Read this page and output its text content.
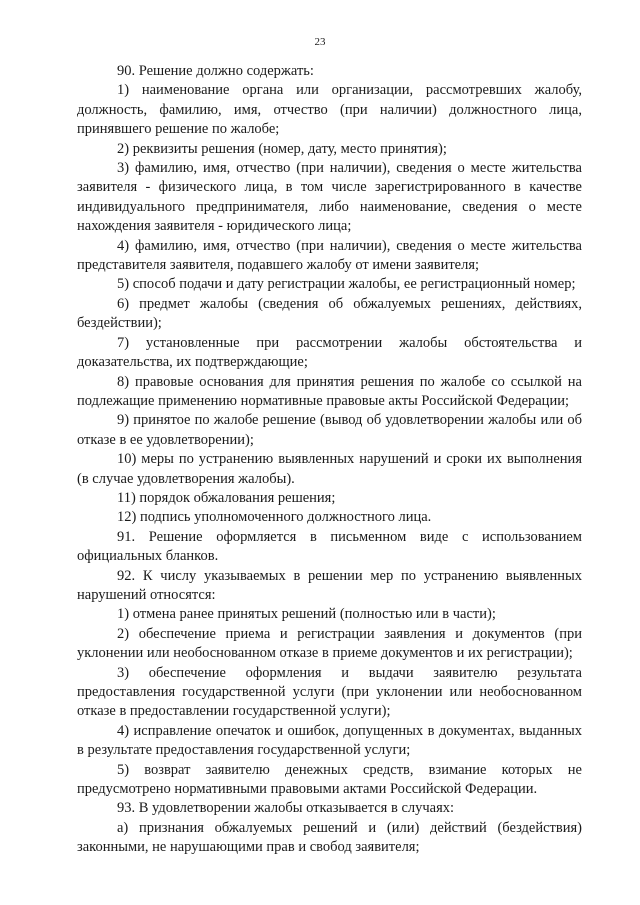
23

90. Решение должно содержать:

1) наименование органа или организации, рассмотревших жалобу, должность, фамилию, имя, отчество (при наличии) должностного лица, принявшего решение по жалобе;

2) реквизиты решения (номер, дату, место принятия);

3) фамилию, имя, отчество (при наличии), сведения о месте жительства заявителя - физического лица, в том числе зарегистрированного в качестве индивидуального предпринимателя, либо наименование, сведения о месте нахождения заявителя - юридического лица;

4) фамилию, имя, отчество (при наличии), сведения о месте жительства представителя заявителя, подавшего жалобу от имени заявителя;

5) способ подачи и дату регистрации жалобы, ее регистрационный номер;

6) предмет жалобы (сведения об обжалуемых решениях, действиях, бездействии);

7) установленные при рассмотрении жалобы обстоятельства и доказательства, их подтверждающие;

8) правовые основания для принятия решения по жалобе со ссылкой на подлежащие применению нормативные правовые акты Российской Федерации;

9) принятое по жалобе решение (вывод об удовлетворении жалобы или об отказе в ее удовлетворении);

10) меры по устранению выявленных нарушений и сроки их выполнения (в случае удовлетворения жалобы).

11) порядок обжалования решения;

12) подпись уполномоченного должностного лица.

91. Решение оформляется в письменном виде с использованием официальных бланков.

92. К числу указываемых в решении мер по устранению выявленных нарушений относятся:

1) отмена ранее принятых решений (полностью или в части);

2) обеспечение приема и регистрации заявления и документов (при уклонении или необоснованном отказе в приеме документов и их регистрации);

3) обеспечение оформления и выдачи заявителю результата предоставления государственной услуги (при уклонении или необоснованном отказе в предоставлении государственной услуги);

4) исправление опечаток и ошибок, допущенных в документах, выданных в результате предоставления государственной услуги;

5) возврат заявителю денежных средств, взимание которых не предусмотрено нормативными правовыми актами Российской Федерации.

93. В удовлетворении жалобы отказывается в случаях:

а) признания обжалуемых решений и (или) действий (бездействия) законными, не нарушающими прав и свобод заявителя;
